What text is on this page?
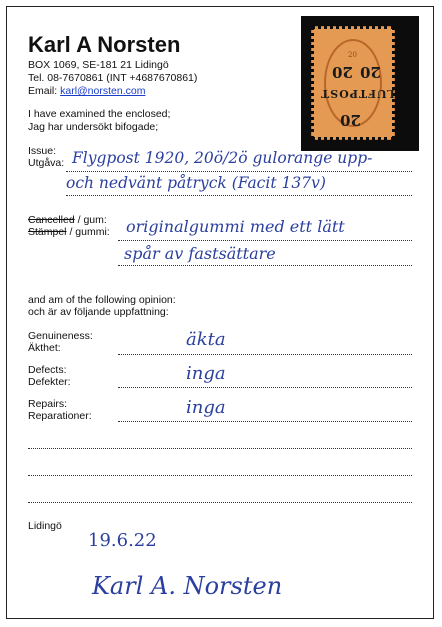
Karl A Norsten
BOX 1069, SE-181 21 Lidingö
Tel. 08-7670861 (INT +4687670861)
Email: karl@norsten.com
20 20
LUFTPOST
20
20
I have examined the enclosed;
Jag har undersökt bifogade;
Issue:
Utgåva: Flygpost 1920, 20ö/2ö gulorange upp-
och nedvänt påtryck (Facit 137v)
Cancelled / gum:
Stämpel / gummi: originalgummi med ett lätt
spår av fastsättare
and am of the following opinion:
och är av följande uppfattning:
Genuineness:
Äkthet:	äkta
Defects:
Defekter:	inga
Repairs:
Reparationer:	inga
Lidingö
19.6.22
Karl A. Norsten
